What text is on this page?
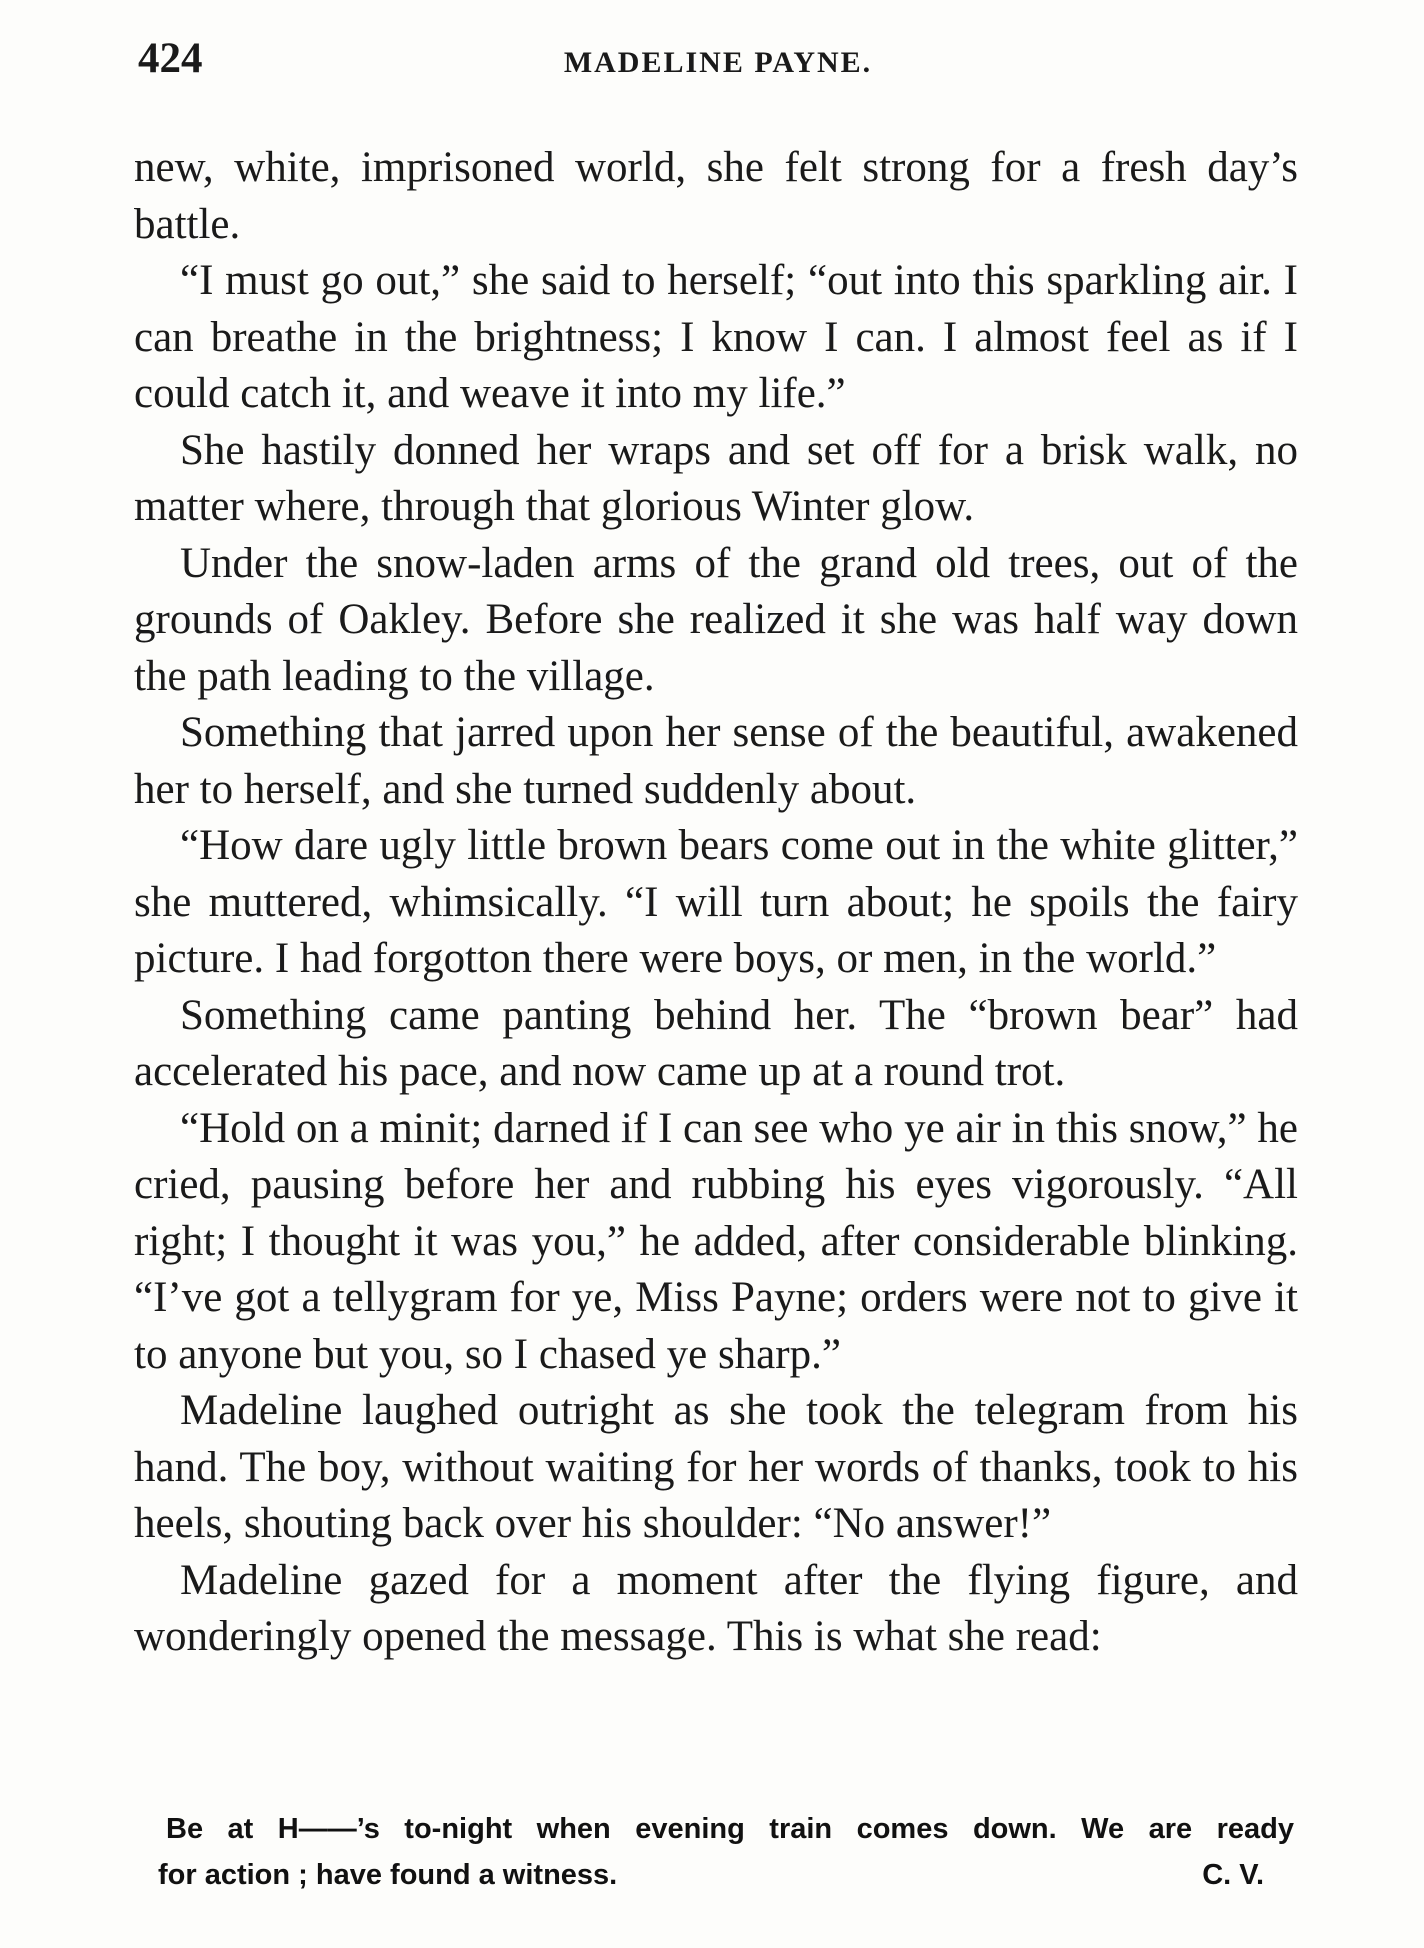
424	MADELINE PAYNE.

new, white, imprisoned world, she felt strong for a fresh day’s battle.

“I must go out,” she said to herself; “out into this sparkling air. I can breathe in the brightness; I know I can. I almost feel as if I could catch it, and weave it into my life.”

She hastily donned her wraps and set off for a brisk walk, no matter where, through that glorious Winter glow.

Under the snow-laden arms of the grand old trees, out of the grounds of Oakley. Before she realized it she was half way down the path leading to the village.

Something that jarred upon her sense of the beautiful, awakened her to herself, and she turned suddenly about.

“How dare ugly little brown bears come out in the white glitter,” she muttered, whimsically. “I will turn about; he spoils the fairy picture. I had forgotton there were boys, or men, in the world.”

Something came panting behind her. The “brown bear” had accelerated his pace, and now came up at a round trot.

“Hold on a minit; darned if I can see who ye air in this snow,” he cried, pausing before her and rubbing his eyes vigorously. “All right; I thought it was you,” he added, after considerable blinking. “I’ve got a tellygram for ye, Miss Payne; orders were not to give it to anyone but you, so I chased ye sharp.”

Madeline laughed outright as she took the telegram from his hand. The boy, without waiting for her words of thanks, took to his heels, shouting back over his shoulder: “No answer!”

Madeline gazed for a moment after the flying figure, and wonderingly opened the message. This is what she read:

Be at H——’s to-night when evening train comes down. We are ready
for action ; have found a witness.	C. V.
